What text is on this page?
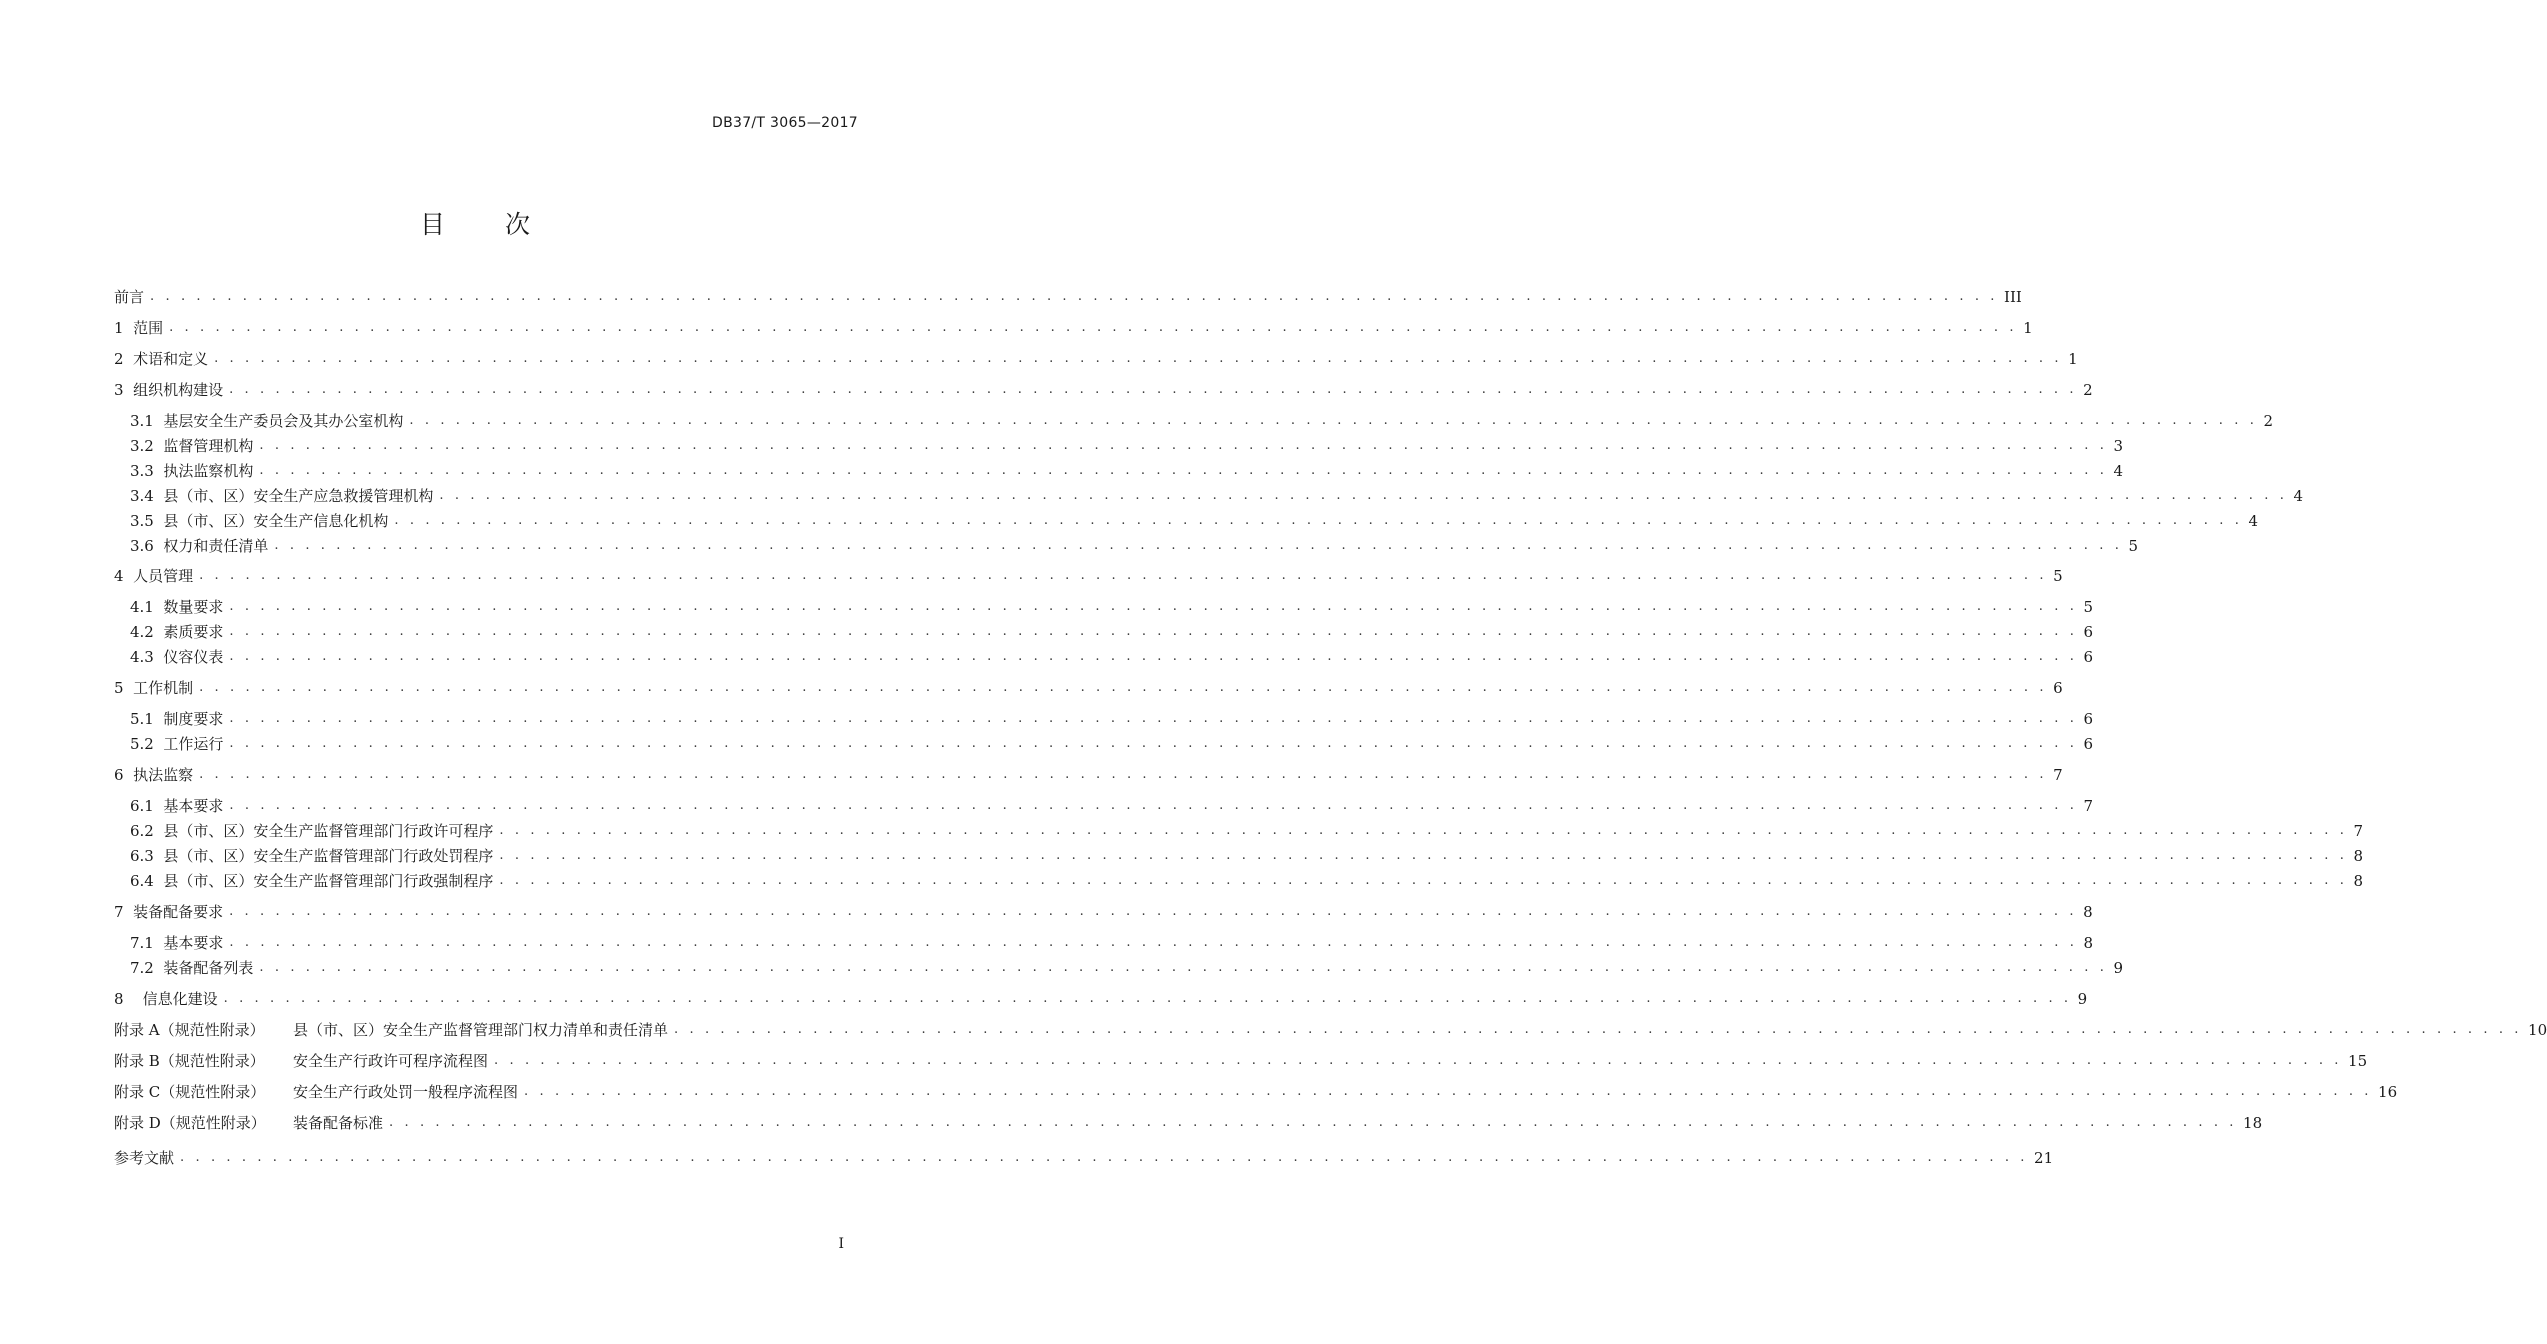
DB37/T 3065—2017
目 次
前言 . . . . . . . . . . . . . . . . . . . . . . . . . . . . . . . . . . . . . . . . . . . . . . . . . . . . . . . . . . . . . . . . . . . . . . . . . . . . . . . . . . . . . . . . . . . . . . . . . . . . . . . . . . . . . . . . . . . . . . . . III
1  范围 . . . . . . . . . . . . . . . . . . . . . . . . . . . . . . . . . . . . . . . . . . . . . . . . . . . . . . . . . . . . . . . . . . . . . . . . . . . . . . . . . . . . . . . . . . . . . . . . . . . . . . . . . . . . . . . . . . . . . . . . 1
2  术语和定义 . . . . . . . . . . . . . . . . . . . . . . . . . . . . . . . . . . . . . . . . . . . . . . . . . . . . . . . . . . . . . . . . . . . . . . . . . . . . . . . . . . . . . . . . . . . . . . . . . . . . . . . . . . . . . . . . . . . . . . . . 1
3  组织机构建设 . . . . . . . . . . . . . . . . . . . . . . . . . . . . . . . . . . . . . . . . . . . . . . . . . . . . . . . . . . . . . . . . . . . . . . . . . . . . . . . . . . . . . . . . . . . . . . . . . . . . . . . . . . . . . . . . . . . . . . . . 2
3.1  基层安全生产委员会及其办公室机构 . . . . . . . . . . . . . . . . . . . . . . . . . . . . . . . . . . . . . . . . . . . . . . . . . . . . . . . . . . . . . . . . . . . . . . . . . . . . . . . . . . . . . . . . . . . . . . . . . . . . . . . . . . . . . . . . . . . . . . . . 2
3.2  监督管理机构 . . . . . . . . . . . . . . . . . . . . . . . . . . . . . . . . . . . . . . . . . . . . . . . . . . . . . . . . . . . . . . . . . . . . . . . . . . . . . . . . . . . . . . . . . . . . . . . . . . . . . . . . . . . . . . . . . . . . . . . . 3
3.3  执法监察机构 . . . . . . . . . . . . . . . . . . . . . . . . . . . . . . . . . . . . . . . . . . . . . . . . . . . . . . . . . . . . . . . . . . . . . . . . . . . . . . . . . . . . . . . . . . . . . . . . . . . . . . . . . . . . . . . . . . . . . . . . 4
3.4  县（市、区）安全生产应急救援管理机构 . . . . . . . . . . . . . . . . . . . . . . . . . . . . . . . . . . . . . . . . . . . . . . . . . . . . . . . . . . . . . . . . . . . . . . . . . . . . . . . . . . . . . . . . . . . . . . . . . . . . . . . . . . . . . . . . . . . . . . . . 4
3.5  县（市、区）安全生产信息化机构 . . . . . . . . . . . . . . . . . . . . . . . . . . . . . . . . . . . . . . . . . . . . . . . . . . . . . . . . . . . . . . . . . . . . . . . . . . . . . . . . . . . . . . . . . . . . . . . . . . . . . . . . . . . . . . . . . . . . . . . . 4
3.6  权力和责任清单 . . . . . . . . . . . . . . . . . . . . . . . . . . . . . . . . . . . . . . . . . . . . . . . . . . . . . . . . . . . . . . . . . . . . . . . . . . . . . . . . . . . . . . . . . . . . . . . . . . . . . . . . . . . . . . . . . . . . . . . . 5
4  人员管理 . . . . . . . . . . . . . . . . . . . . . . . . . . . . . . . . . . . . . . . . . . . . . . . . . . . . . . . . . . . . . . . . . . . . . . . . . . . . . . . . . . . . . . . . . . . . . . . . . . . . . . . . . . . . . . . . . . . . . . . . 5
4.1  数量要求 . . . . . . . . . . . . . . . . . . . . . . . . . . . . . . . . . . . . . . . . . . . . . . . . . . . . . . . . . . . . . . . . . . . . . . . . . . . . . . . . . . . . . . . . . . . . . . . . . . . . . . . . . . . . . . . . . . . . . . . . 5
4.2  素质要求 . . . . . . . . . . . . . . . . . . . . . . . . . . . . . . . . . . . . . . . . . . . . . . . . . . . . . . . . . . . . . . . . . . . . . . . . . . . . . . . . . . . . . . . . . . . . . . . . . . . . . . . . . . . . . . . . . . . . . . . . 6
4.3  仪容仪表 . . . . . . . . . . . . . . . . . . . . . . . . . . . . . . . . . . . . . . . . . . . . . . . . . . . . . . . . . . . . . . . . . . . . . . . . . . . . . . . . . . . . . . . . . . . . . . . . . . . . . . . . . . . . . . . . . . . . . . . . 6
5  工作机制 . . . . . . . . . . . . . . . . . . . . . . . . . . . . . . . . . . . . . . . . . . . . . . . . . . . . . . . . . . . . . . . . . . . . . . . . . . . . . . . . . . . . . . . . . . . . . . . . . . . . . . . . . . . . . . . . . . . . . . . . 6
5.1  制度要求 . . . . . . . . . . . . . . . . . . . . . . . . . . . . . . . . . . . . . . . . . . . . . . . . . . . . . . . . . . . . . . . . . . . . . . . . . . . . . . . . . . . . . . . . . . . . . . . . . . . . . . . . . . . . . . . . . . . . . . . . 6
5.2  工作运行 . . . . . . . . . . . . . . . . . . . . . . . . . . . . . . . . . . . . . . . . . . . . . . . . . . . . . . . . . . . . . . . . . . . . . . . . . . . . . . . . . . . . . . . . . . . . . . . . . . . . . . . . . . . . . . . . . . . . . . . . 6
6  执法监察 . . . . . . . . . . . . . . . . . . . . . . . . . . . . . . . . . . . . . . . . . . . . . . . . . . . . . . . . . . . . . . . . . . . . . . . . . . . . . . . . . . . . . . . . . . . . . . . . . . . . . . . . . . . . . . . . . . . . . . . . 7
6.1  基本要求 . . . . . . . . . . . . . . . . . . . . . . . . . . . . . . . . . . . . . . . . . . . . . . . . . . . . . . . . . . . . . . . . . . . . . . . . . . . . . . . . . . . . . . . . . . . . . . . . . . . . . . . . . . . . . . . . . . . . . . . . 7
6.2  县（市、区）安全生产监督管理部门行政许可程序 . . . . . . . . . . . . . . . . . . . . . . . . . . . . . . . . . . . . . . . . . . . . . . . . . . . . . . . . . . . . . . . . . . . . . . . . . . . . . . . . . . . . . . . . . . . . . . . . . . . . . . . . . . . . . . . . . . . . . . . . 7
6.3  县（市、区）安全生产监督管理部门行政处罚程序 . . . . . . . . . . . . . . . . . . . . . . . . . . . . . . . . . . . . . . . . . . . . . . . . . . . . . . . . . . . . . . . . . . . . . . . . . . . . . . . . . . . . . . . . . . . . . . . . . . . . . . . . . . . . . . . . . . . . . . . . 8
6.4  县（市、区）安全生产监督管理部门行政强制程序 . . . . . . . . . . . . . . . . . . . . . . . . . . . . . . . . . . . . . . . . . . . . . . . . . . . . . . . . . . . . . . . . . . . . . . . . . . . . . . . . . . . . . . . . . . . . . . . . . . . . . . . . . . . . . . . . . . . . . . . . 8
7  装备配备要求 . . . . . . . . . . . . . . . . . . . . . . . . . . . . . . . . . . . . . . . . . . . . . . . . . . . . . . . . . . . . . . . . . . . . . . . . . . . . . . . . . . . . . . . . . . . . . . . . . . . . . . . . . . . . . . . . . . . . . . . . 8
7.1  基本要求 . . . . . . . . . . . . . . . . . . . . . . . . . . . . . . . . . . . . . . . . . . . . . . . . . . . . . . . . . . . . . . . . . . . . . . . . . . . . . . . . . . . . . . . . . . . . . . . . . . . . . . . . . . . . . . . . . . . . . . . . 8
7.2  装备配备列表 . . . . . . . . . . . . . . . . . . . . . . . . . . . . . . . . . . . . . . . . . . . . . . . . . . . . . . . . . . . . . . . . . . . . . . . . . . . . . . . . . . . . . . . . . . . . . . . . . . . . . . . . . . . . . . . . . . . . . . . . 9
8    信息化建设 . . . . . . . . . . . . . . . . . . . . . . . . . . . . . . . . . . . . . . . . . . . . . . . . . . . . . . . . . . . . . . . . . . . . . . . . . . . . . . . . . . . . . . . . . . . . . . . . . . . . . . . . . . . . . . . . . . . . . . . . 9
附录 A（规范性附录） 县（市、区）安全生产监督管理部门权力清单和责任清单 . . . . . . . . . . . . . . . . . . . . . . . . . . . . . . . . . . . . . . . . . . . . . . . . . . . . . . . . . . . . . . . . . . . . . . . . . . . . . . . . . . . . . . . . . . . . . . . . . . . . . . . . . . . . . . . . . . . . . . . . 10
附录 B（规范性附录） 安全生产行政许可程序流程图 . . . . . . . . . . . . . . . . . . . . . . . . . . . . . . . . . . . . . . . . . . . . . . . . . . . . . . . . . . . . . . . . . . . . . . . . . . . . . . . . . . . . . . . . . . . . . . . . . . . . . . . . . . . . . . . . . . . . . . . . 15
附录 C（规范性附录） 安全生产行政处罚一般程序流程图 . . . . . . . . . . . . . . . . . . . . . . . . . . . . . . . . . . . . . . . . . . . . . . . . . . . . . . . . . . . . . . . . . . . . . . . . . . . . . . . . . . . . . . . . . . . . . . . . . . . . . . . . . . . . . . . . . . . . . . . . 16
附录 D（规范性附录） 装备配备标准 . . . . . . . . . . . . . . . . . . . . . . . . . . . . . . . . . . . . . . . . . . . . . . . . . . . . . . . . . . . . . . . . . . . . . . . . . . . . . . . . . . . . . . . . . . . . . . . . . . . . . . . . . . . . . . . . . . . . . . . . 18
参考文献 . . . . . . . . . . . . . . . . . . . . . . . . . . . . . . . . . . . . . . . . . . . . . . . . . . . . . . . . . . . . . . . . . . . . . . . . . . . . . . . . . . . . . . . . . . . . . . . . . . . . . . . . . . . . . . . . . . . . . . . . 21
I
